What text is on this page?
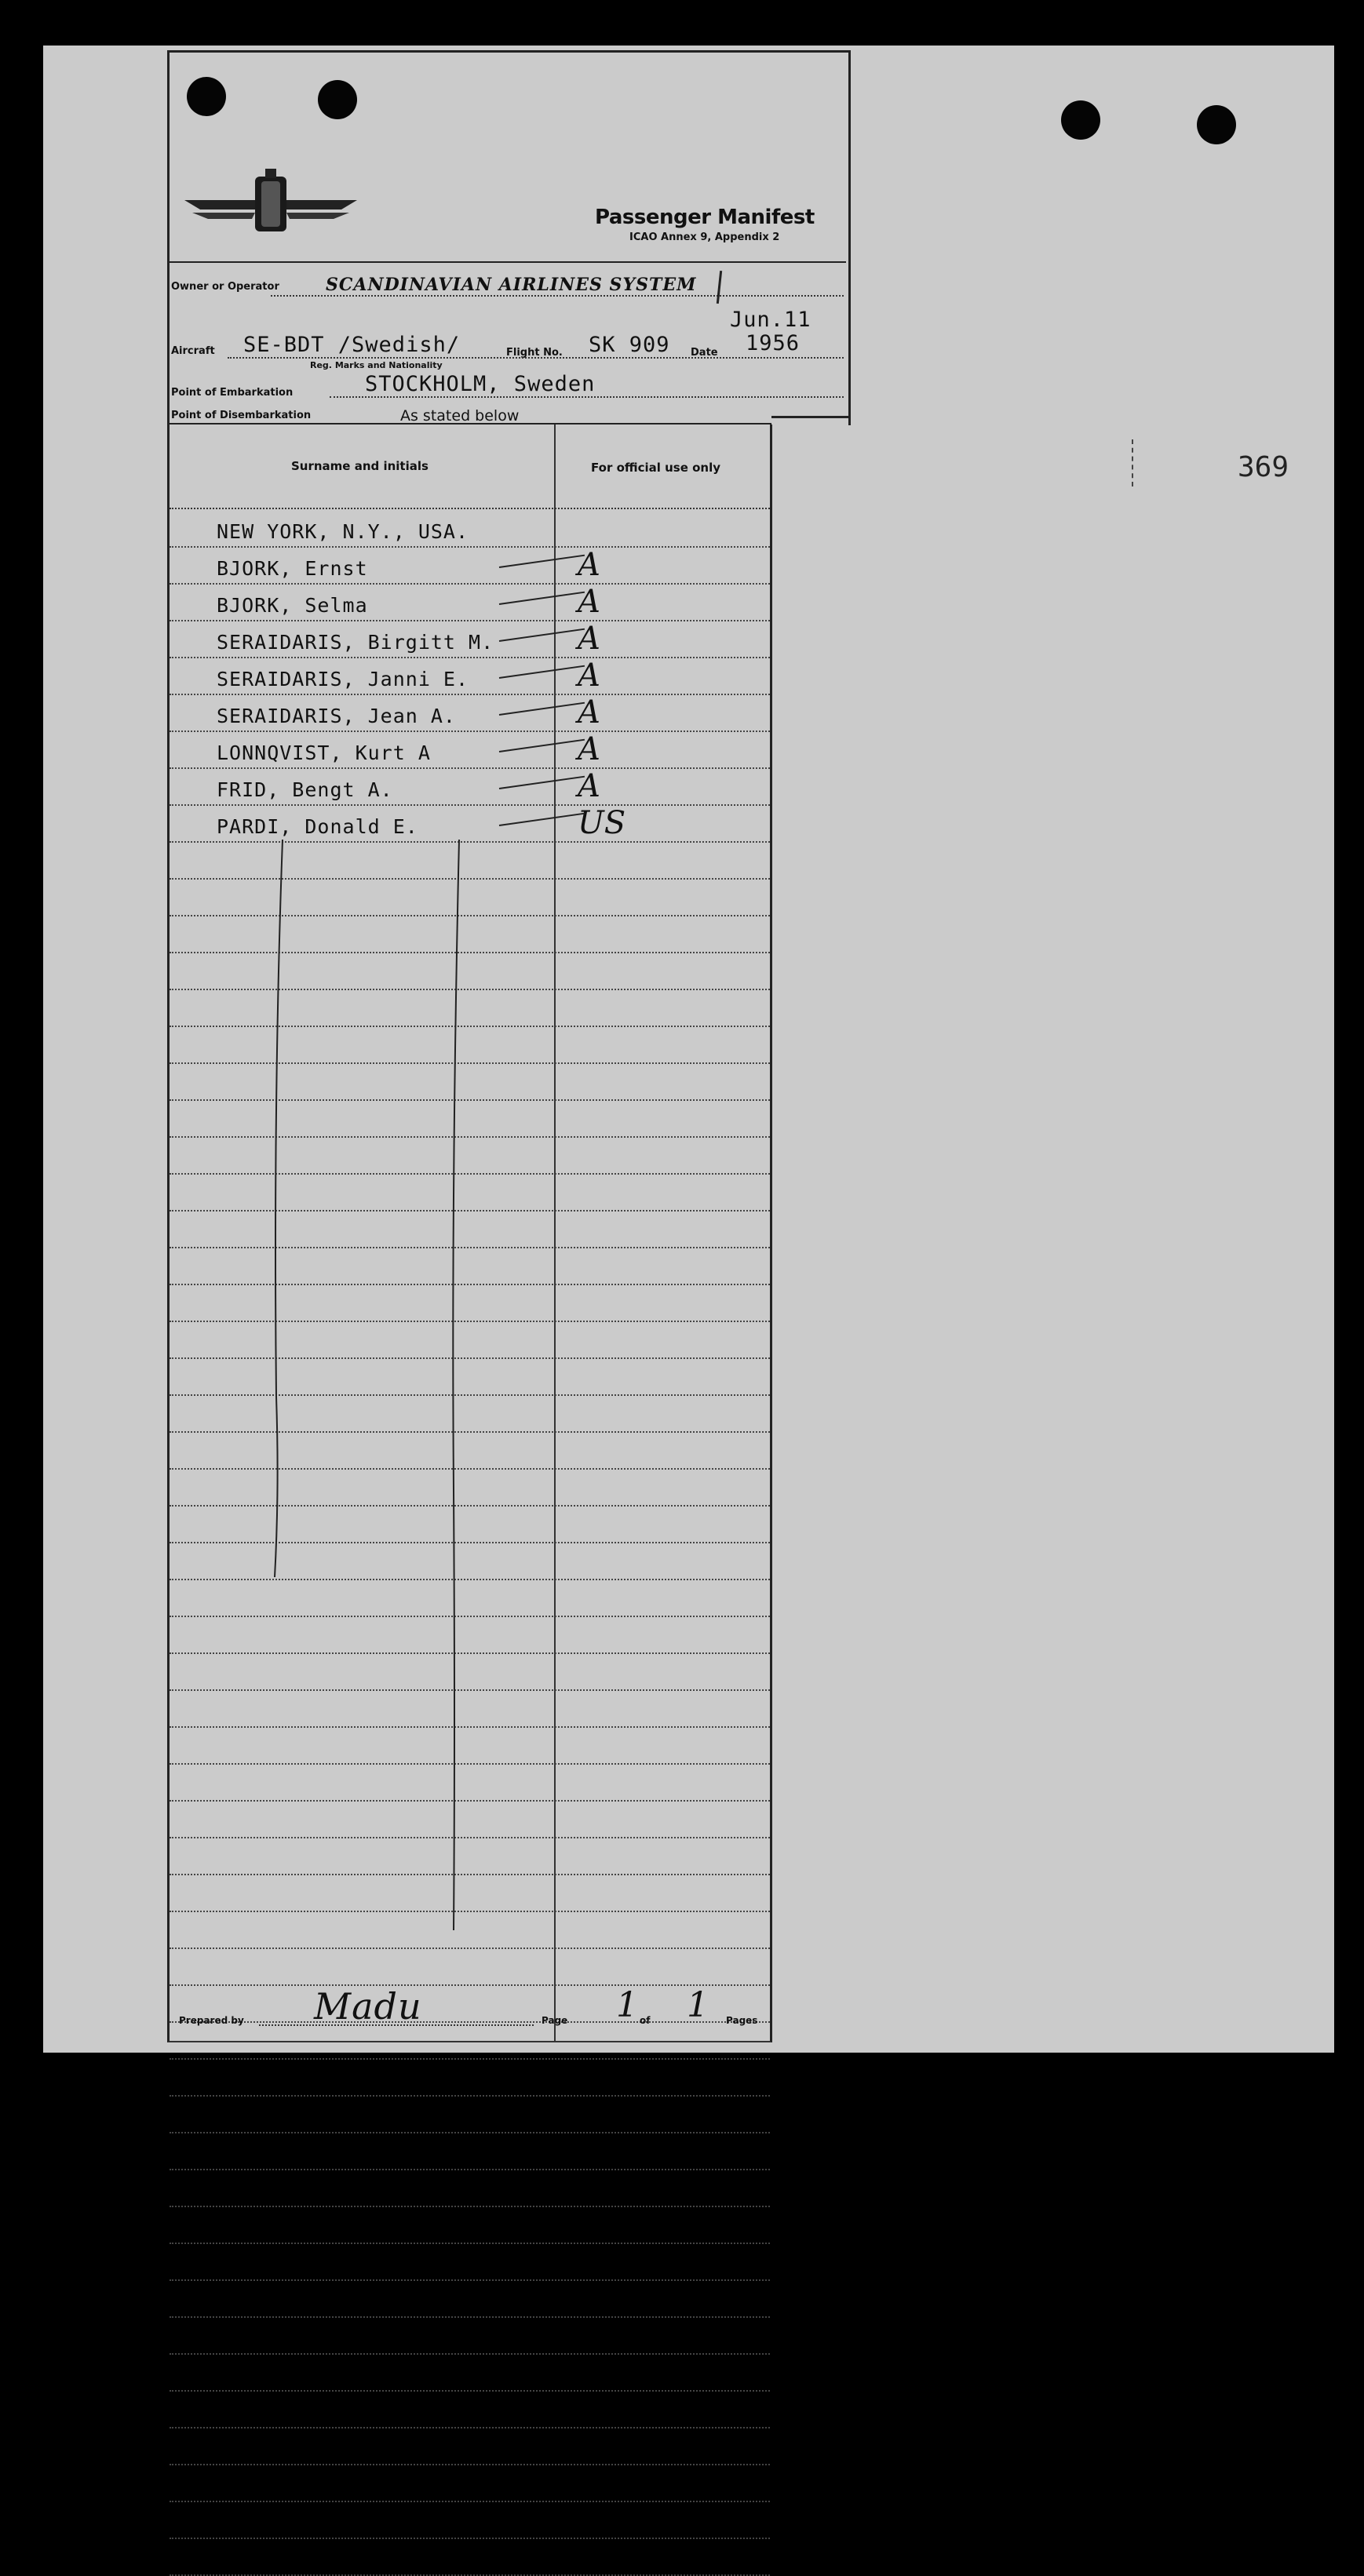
Passenger Manifest
ICAO Annex 9, Appendix 2
Owner or Operator	SCANDINAVIAN AIRLINES SYSTEM
Jun.11
Aircraft SE-BDT /Swedish/	Flight No. SK 909 Date 1956
Reg. Marks and Nationality
Point of Embarkation	STOCKHOLM, Sweden
Point of Disembarkation	As stated below
Surname and initials	For official use only
NEW YORK, N.Y., USA.
BJORK, Ernst	A
BJORK, Selma	A
SERAIDARIS, Birgitt M.	A
SERAIDARIS, Janni E.	A
SERAIDARIS, Jean A.	A
LONNQVIST, Kurt A	A
FRID, Bengt A.	A
PARDI, Donald E.	US
369
Prepared by Madu	Page 1 of 1 Pages
